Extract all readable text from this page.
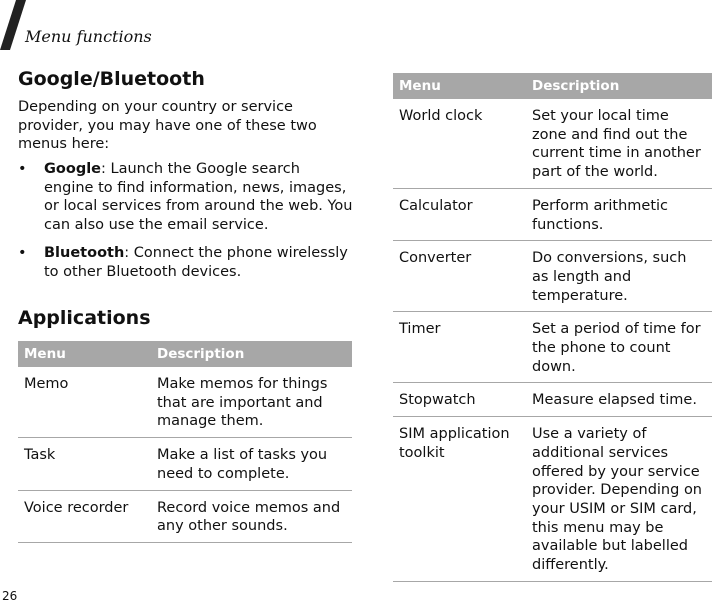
Menu functions
Google/Bluetooth
Depending on your country or service provider, you may have one of these two menus here:
• Google: Launch the Google search engine to find information, news, images, or local services from around the web. You can also use the email service.
• Bluetooth: Connect the phone wirelessly to other Bluetooth devices.
Applications
Menu	Description
Memo	Make memos for things that are important and manage them.
Task	Make a list of tasks you need to complete.
Voice recorder	Record voice memos and any other sounds.
Menu	Description
World clock	Set your local time zone and find out the current time in another part of the world.
Calculator	Perform arithmetic functions.
Converter	Do conversions, such as length and temperature.
Timer	Set a period of time for the phone to count down.
Stopwatch	Measure elapsed time.
SIM application toolkit	Use a variety of additional services offered by your service provider. Depending on your USIM or SIM card, this menu may be available but labelled differently.
26
